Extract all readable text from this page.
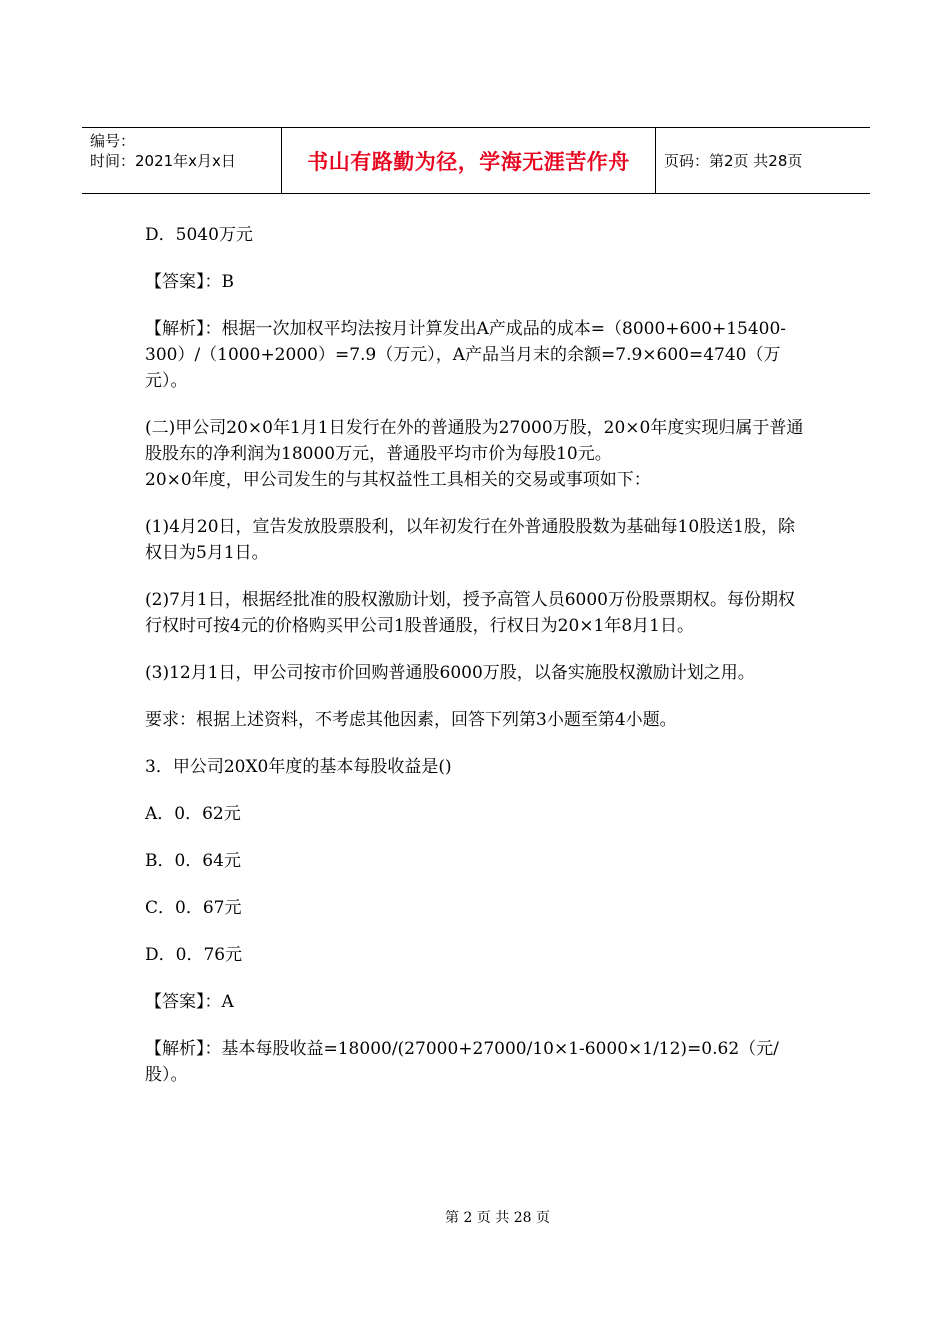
编号：
时间：2021年x月x日	书山有路勤为径，学海无涯苦作舟	页码：第2页 共28页

D．5040万元

【答案】：B

【解析】：根据一次加权平均法按月计算发出A产成品的成本=（8000+600+15400-300）/（1000+2000）=7.9（万元），A产品当月末的余额=7.9×600=4740（万元）。

(二)甲公司20×0年1月1日发行在外的普通股为27000万股，20×0年度实现归属于普通股股东的净利润为18000万元，普通股平均市价为每股10元。
20×0年度，甲公司发生的与其权益性工具相关的交易或事项如下：

(1)4月20日，宣告发放股票股利，以年初发行在外普通股股数为基础每10股送1股，除权日为5月1日。

(2)7月1日，根据经批准的股权激励计划，授予高管人员6000万份股票期权。每份期权行权时可按4元的价格购买甲公司1股普通股，行权日为20×1年8月1日。

(3)12月1日，甲公司按市价回购普通股6000万股，以备实施股权激励计划之用。

要求：根据上述资料，不考虑其他因素，回答下列第3小题至第4小题。

3．甲公司20X0年度的基本每股收益是()

A．0．62元

B．0．64元

C．0．67元

D．0．76元

【答案】：A

【解析】：基本每股收益=18000/(27000+27000/10×1-6000×1/12)=0.62（元/股）。

第 2 页 共 28 页
